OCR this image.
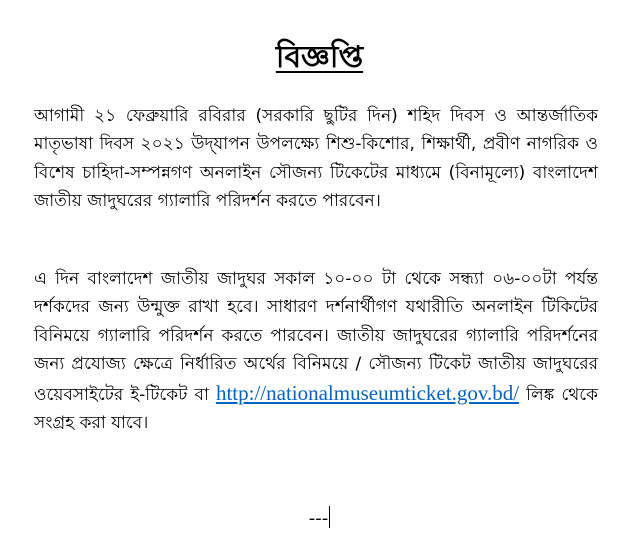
বিজ্ঞপ্তি

আগামী ২১ ফেব্রুয়ারি রবিরার (সরকারি ছুটির দিন) শহিদ দিবস ও আন্তর্জাতিক মাতৃভাষা দিবস ২০২১ উদ্‌যাপন উপলক্ষ্যে শিশু-কিশোর, শিক্ষার্থী, প্রবীণ নাগরিক ও বিশেষ চাহিদা-সম্পন্নগণ অনলাইন সৌজন্য টিকেটের মাধ্যমে (বিনামূল্যে) বাংলাদেশ জাতীয় জাদুঘরের গ্যালারি পরিদর্শন করতে পারবেন।

এ দিন বাংলাদেশ জাতীয় জাদুঘর সকাল ১০-০০ টা থেকে সন্ধ্যা ০৬-০০টা পর্যন্ত দর্শকদের জন্য উন্মুক্ত রাখা হবে। সাধারণ দর্শনার্থীগণ যথারীতি অনলাইন টিকিটের বিনিময়ে গ্যালারি পরিদর্শন করতে পারবেন। জাতীয় জাদুঘরের গ্যালারি পরিদর্শনের জন্য প্রযোজ্য ক্ষেত্রে নির্ধারিত অর্থের বিনিময়ে / সৌজন্য টিকেট জাতীয় জাদুঘরের ওয়েবসাইটের ই-টিকেট বা http://nationalmuseumticket.gov.bd/ লিঙ্ক থেকে সংগ্রহ করা যাবে।

---
